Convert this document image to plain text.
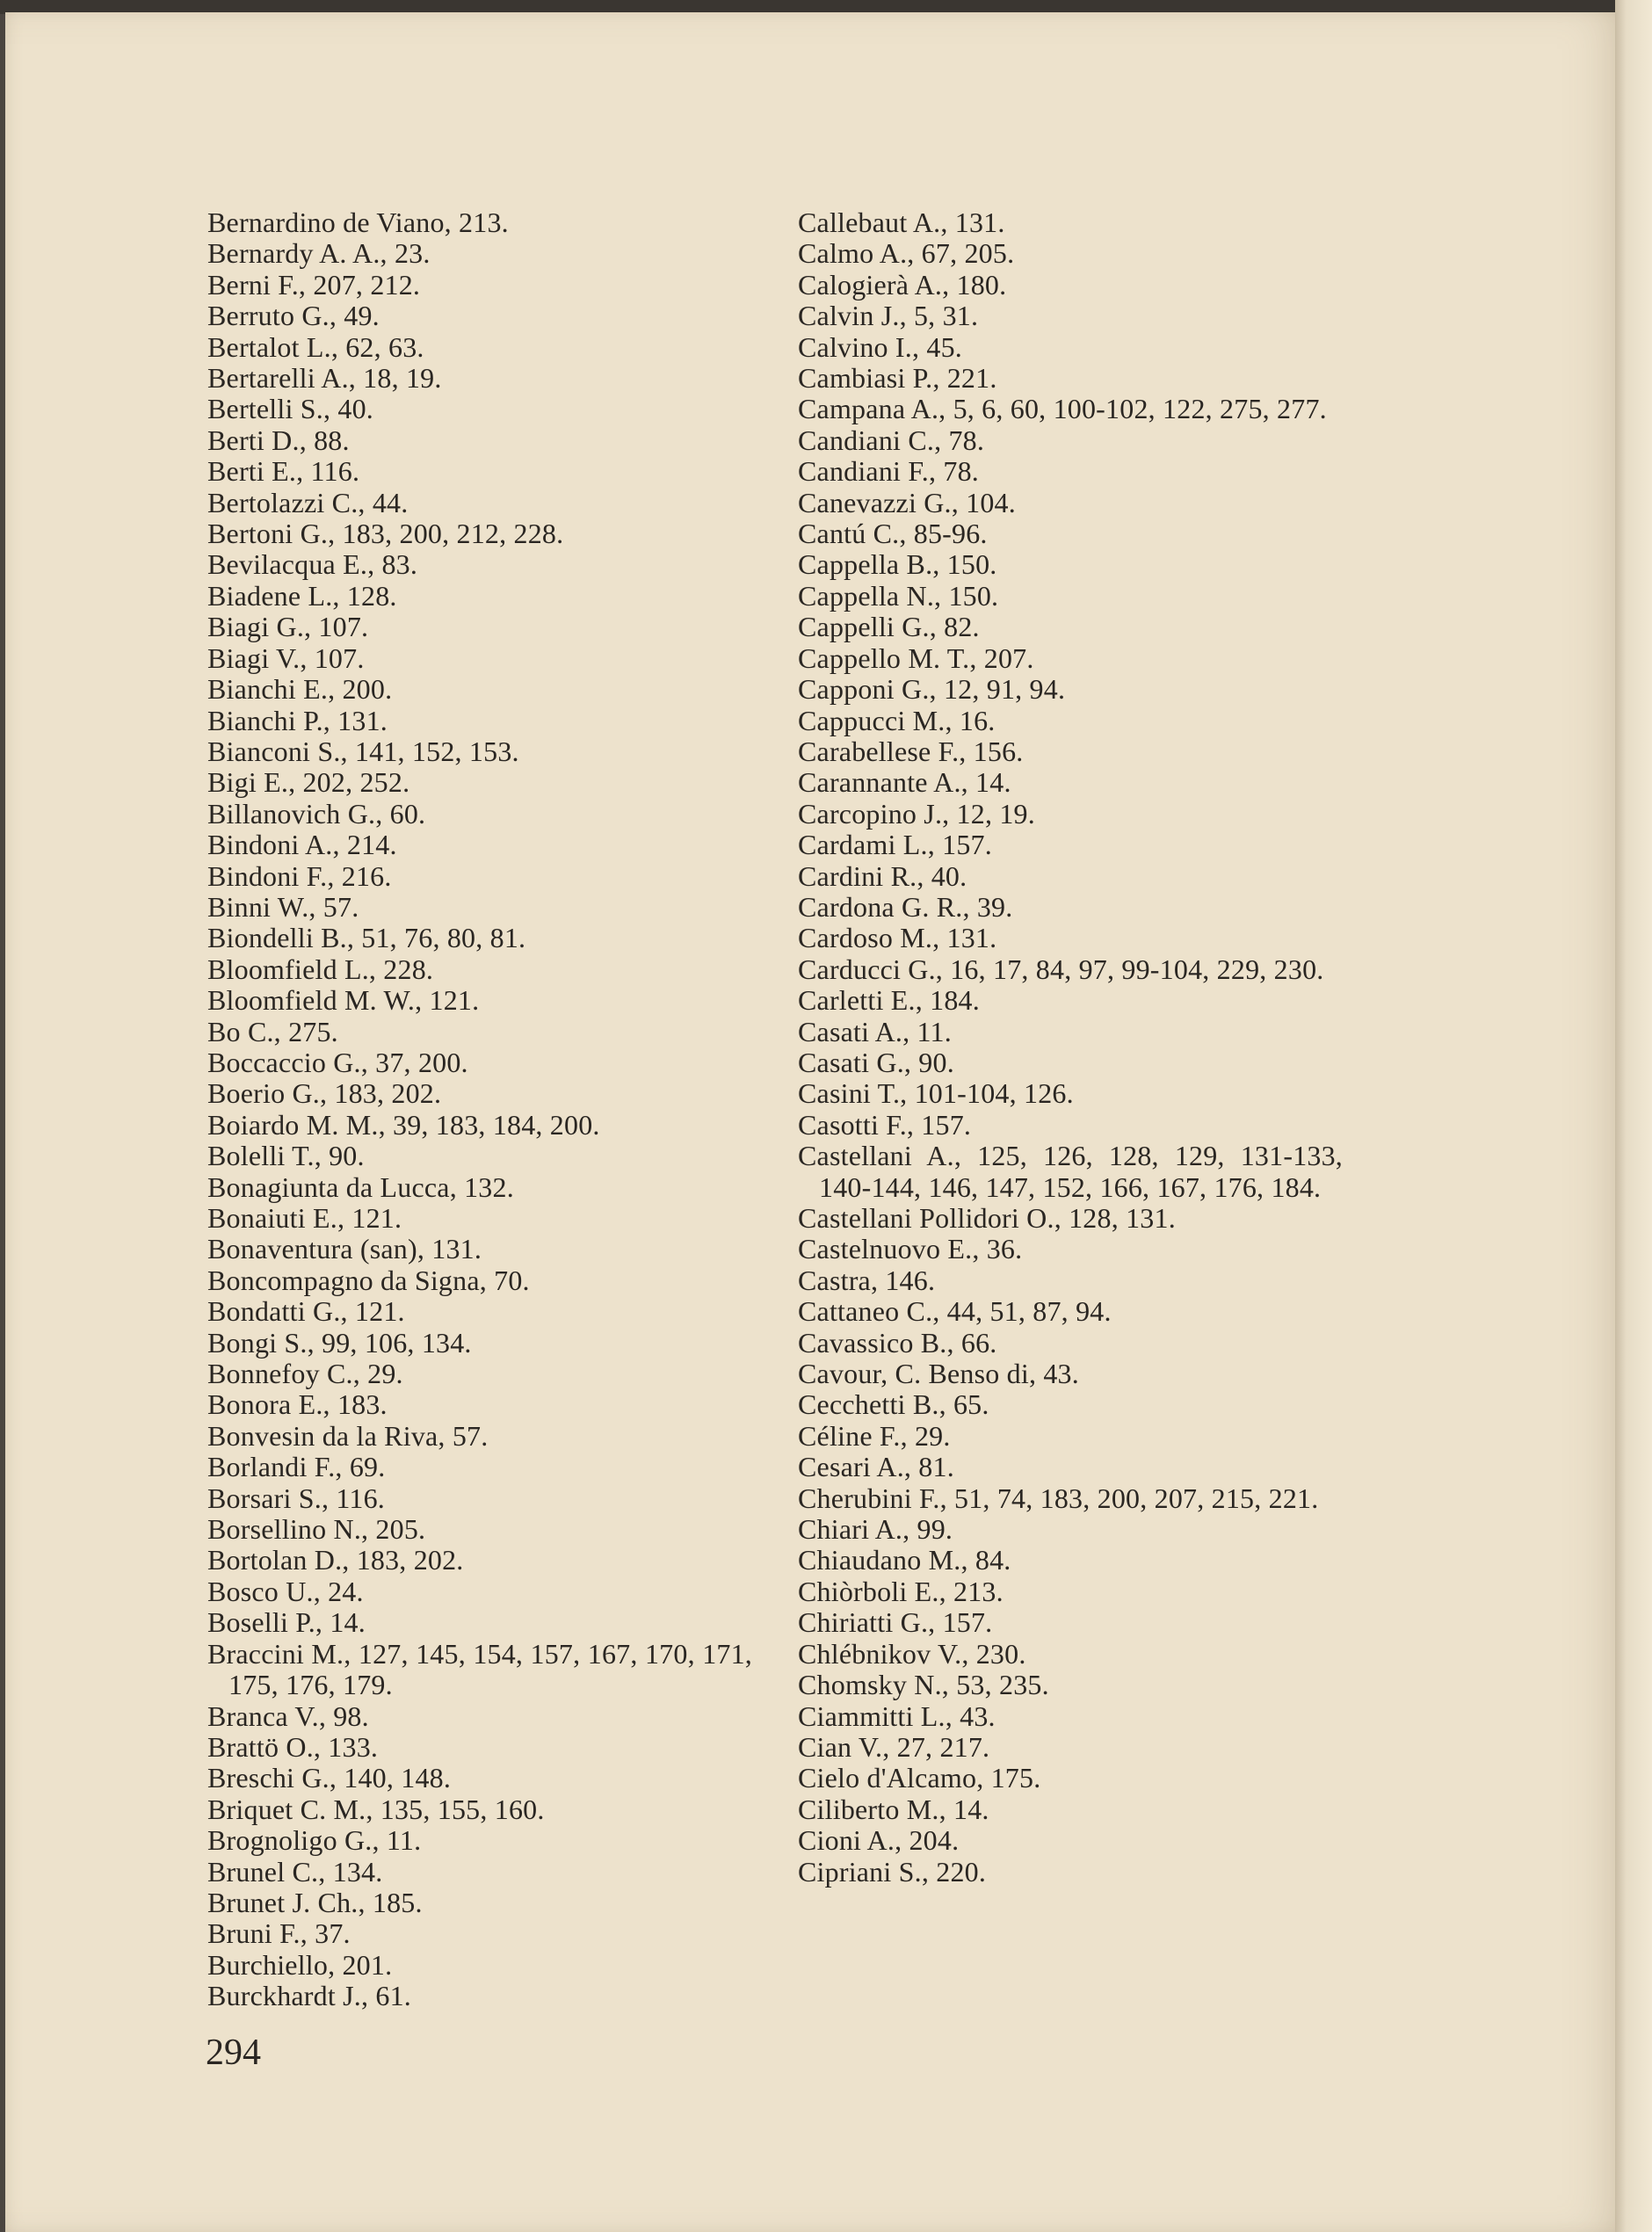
Bernardino de Viano, 213.
Bernardy A. A., 23.
Berni F., 207, 212.
Berruto G., 49.
Bertalot L., 62, 63.
Bertarelli A., 18, 19.
Bertelli S., 40.
Berti D., 88.
Berti E., 116.
Bertolazzi C., 44.
Bertoni G., 183, 200, 212, 228.
Bevilacqua E., 83.
Biadene L., 128.
Biagi G., 107.
Biagi V., 107.
Bianchi E., 200.
Bianchi P., 131.
Bianconi S., 141, 152, 153.
Bigi E., 202, 252.
Billanovich G., 60.
Bindoni A., 214.
Bindoni F., 216.
Binni W., 57.
Biondelli B., 51, 76, 80, 81.
Bloomfield L., 228.
Bloomfield M. W., 121.
Bo C., 275.
Boccaccio G., 37, 200.
Boerio G., 183, 202.
Boiardo M. M., 39, 183, 184, 200.
Bolelli T., 90.
Bonagiunta da Lucca, 132.
Bonaiuti E., 121.
Bonaventura (san), 131.
Boncompagno da Signa, 70.
Bondatti G., 121.
Bongi S., 99, 106, 134.
Bonnefoy C., 29.
Bonora E., 183.
Bonvesin da la Riva, 57.
Borlandi F., 69.
Borsari S., 116.
Borsellino N., 205.
Bortolan D., 183, 202.
Bosco U., 24.
Boselli P., 14.
Braccini M., 127, 145, 154, 157, 167, 170, 171, 175, 176, 179.
Branca V., 98.
Brattö O., 133.
Breschi G., 140, 148.
Briquet C. M., 135, 155, 160.
Brognoligo G., 11.
Brunel C., 134.
Brunet J. Ch., 185.
Bruni F., 37.
Burchiello, 201.
Burckhardt J., 61.
Callebaut A., 131.
Calmo A., 67, 205.
Calogierà A., 180.
Calvin J., 5, 31.
Calvino I., 45.
Cambiasi P., 221.
Campana A., 5, 6, 60, 100-102, 122, 275, 277.
Candiani C., 78.
Candiani F., 78.
Canevazzi G., 104.
Cantú C., 85-96.
Cappella B., 150.
Cappella N., 150.
Cappelli G., 82.
Cappello M. T., 207.
Capponi G., 12, 91, 94.
Cappucci M., 16.
Carabellese F., 156.
Carannante A., 14.
Carcopino J., 12, 19.
Cardami L., 157.
Cardini R., 40.
Cardona G. R., 39.
Cardoso M., 131.
Carducci G., 16, 17, 84, 97, 99-104, 229, 230.
Carletti E., 184.
Casati A., 11.
Casati G., 90.
Casini T., 101-104, 126.
Casotti F., 157.
Castellani A., 125, 126, 128, 129, 131-133, 140-144, 146, 147, 152, 166, 167, 176, 184.
Castellani Pollidori O., 128, 131.
Castelnuovo E., 36.
Castra, 146.
Cattaneo C., 44, 51, 87, 94.
Cavassico B., 66.
Cavour, C. Benso di, 43.
Cecchetti B., 65.
Céline F., 29.
Cesari A., 81.
Cherubini F., 51, 74, 183, 200, 207, 215, 221.
Chiari A., 99.
Chiaudano M., 84.
Chiòrboli E., 213.
Chiriatti G., 157.
Chlébnikov V., 230.
Chomsky N., 53, 235.
Ciammitti L., 43.
Cian V., 27, 217.
Cielo d'Alcamo, 175.
Ciliberto M., 14.
Cioni A., 204.
Cipriani S., 220.
294
